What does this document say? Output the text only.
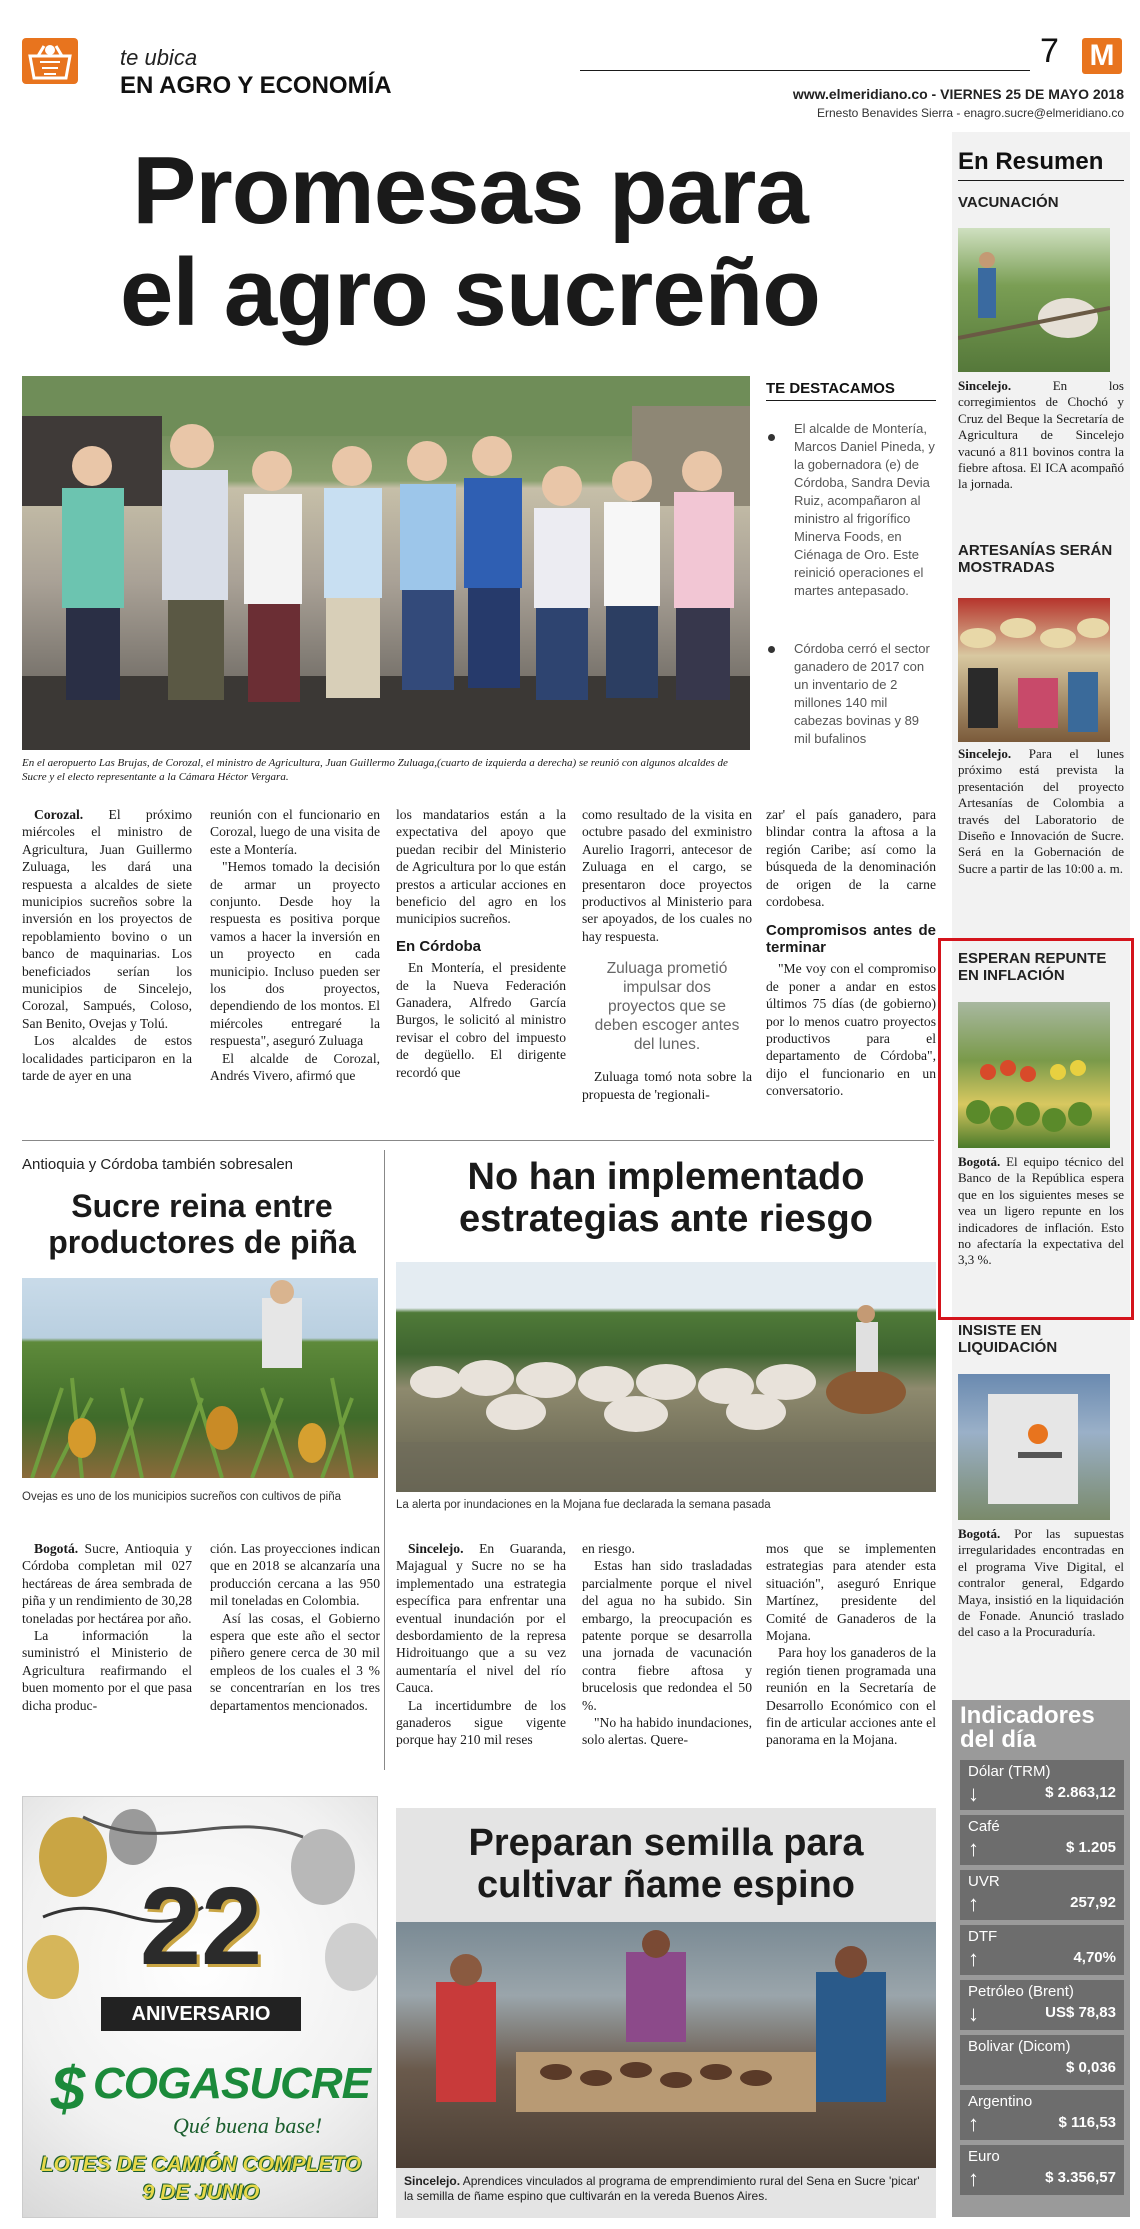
te ubica
EN AGRO Y ECONOMÍA
7 M
www.elmeridiano.co - VIERNES 25 DE MAYO 2018
Ernesto Benavides Sierra - enagro.sucre@elmeridiano.co
Promesas para
el agro sucreño
En el aeropuerto Las Brujas, de Corozal, el ministro de Agricultura, Juan Guillermo Zuluaga,(cuarto de izquierda a derecha) se reunió con algunos alcaldes de Sucre y el electo representante a la Cámara Héctor Vergara.
TE DESTACAMOS
El alcalde de Montería, Marcos Daniel Pineda, y la gobernadora (e) de Córdoba, Sandra Devia Ruiz, acompañaron al ministro al frigorífico Minerva Foods, en Ciénaga de Oro. Este reinició operaciones el martes antepasado.
Córdoba cerró el sector ganadero de 2017 con un inventario de 2 millones 140 mil cabezas bovinas y 89 mil bufalinos

Corozal. El próximo miércoles el ministro de Agricultura, Juan Guillermo Zuluaga, les dará una respuesta a alcaldes de siete municipios sucreños sobre la inversión en los proyectos de repoblamiento bovino o un banco de maquinarias. Los beneficiados serían los municipios de Sincelejo, Corozal, Sampués, Coloso, San Benito, Ovejas y Tolú.

Los alcaldes de estos localidades participaron en la tarde de ayer en una

reunión con el funcionario en Corozal, luego de una visita de este a Montería.

"Hemos tomado la decisión de armar un proyecto conjunto. Desde hoy la respuesta es positiva porque vamos a hacer la inversión en un proyecto en cada municipio. Incluso pueden ser los dos proyectos, dependiendo de los montos. El miércoles entregaré la respuesta", aseguró Zuluaga

El alcalde de Corozal, Andrés Vivero, afirmó que

los mandatarios están a la expectativa del apoyo que puedan recibir del Ministerio de Agricultura por lo que están prestos a articular acciones en beneficio del agro en los municipios sucreños.

En Córdoba

En Montería, el presidente de la Nueva Federación Ganadera, Alfredo García Burgos, le solicitó al ministro revisar el cobro del impuesto de degüello. El dirigente recordó que

como resultado de la visita en octubre pasado del exministro Aurelio Iragorri, antecesor de Zuluaga en el cargo, se presentaron doce proyectos productivos al Ministerio para ser apoyados, de los cuales no hay respuesta.

Zuluaga prometió impulsar dos proyectos que se deben escoger antes del lunes.

Zuluaga tomó nota sobre la propuesta de 'regionali-

zar' el país ganadero, para blindar contra la aftosa a la región Caribe; así como la búsqueda de la denominación de origen de la carne cordobesa.

Compromisos antes de terminar

"Me voy con el compromiso de poner a andar en estos últimos 75 días (de gobierno) por lo menos cuatro proyectos productivos para el departamento de Córdoba", dijo el funcionario en un conversatorio.

Antioquia y Córdoba también sobresalen
Sucre reina entre productores de piña
Ovejas es uno de los municipios sucreños con cultivos de piña

Bogotá. Sucre, Antioquia y Córdoba completan mil 027 hectáreas de área sembrada de piña y un rendimiento de 30,28 toneladas por hectárea por año.

La información la suministró el Ministerio de Agricultura reafirmando el buen momento por el que pasa dicha produc-

ción. Las proyecciones indican que en 2018 se alcanzaría una producción cercana a las 950 mil toneladas en Colombia.

Así las cosas, el Gobierno espera que este año el sector piñero genere cerca de 30 mil empleos de los cuales el 3 % se concentrarían en los tres departamentos mencionados.

No han implementado estrategias ante riesgo
La alerta por inundaciones en la Mojana fue declarada la semana pasada

Sincelejo. En Guaranda, Majagual y Sucre no se ha implementado una estrategia específica para enfrentar una eventual inundación por el desbordamiento de la represa Hidroituango que a su vez aumentaría el nivel del río Cauca.

La incertidumbre de los ganaderos sigue vigente porque hay 210 mil reses

en riesgo.

Estas han sido trasladadas parcialmente porque el nivel del agua no ha subido. Sin embargo, la preocupación es patente porque se desarrolla una jornada de vacunación contra fiebre aftosa y brucelosis que redondea el 50 %.

"No ha habido inundaciones, solo alertas. Quere-

mos que se implementen estrategias para atender esta situación", aseguró Enrique Martínez, presidente del Comité de Ganaderos de la Mojana.

Para hoy los ganaderos de la región tienen programada una reunión en la Secretaría de Desarrollo Económico con el fin de articular acciones ante el panorama en la Mojana.

22
ANIVERSARIO
$ COGASUCRE
Qué buena base!
LOTES DE CAMIÓN COMPLETO
9 DE JUNIO
Preparan semilla para cultivar ñame espino
Sincelejo. Aprendices vinculados al programa de emprendimiento rural del Sena en Sucre 'picar' la semilla de ñame espino que cultivarán en la vereda Buenos Aires.
En Resumen
VACUNACIÓN
Sincelejo.	En los corregimientos de Chochó y Cruz del Beque la Secretaría de Agricultura de Sincelejo vacunó a 811 bovinos contra la fiebre aftosa. El ICA acompañó la jornada.
ARTESANÍAS SERÁN MOSTRADAS
Sincelejo. Para el lunes próximo está prevista la presentación del proyecto Artesanías de Colombia a través del Laboratorio de Diseño e Innovación de Sucre. Será en la Gobernación de Sucre a partir de las 10:00 a. m.
ESPERAN REPUNTE EN INFLACIÓN
Bogotá. El equipo técnico del Banco de la República espera que en los siguientes meses se vea un ligero repunte en los indicadores de inflación. Esto no afectaría la expectativa del 3,3 %.
INSISTE EN LIQUIDACIÓN
Bogotá. Por las supuestas irregularidades encontradas en el programa Vive Digital, el contralor general, Edgardo Maya, insistió en la liquidación de Fonade. Anunció traslado del caso a la Procuraduría.
Indicadores
del día
Dólar (TRM)
↓	$ 2.863,12
Café
↑	$ 1.205
UVR
↑	257,92
DTF
↑	4,70%
Petróleo (Brent)
↓	US$ 78,83
Bolivar (Dicom)
$ 0,036
Argentino
↑	$ 116,53
Euro
↑	$ 3.356,57
